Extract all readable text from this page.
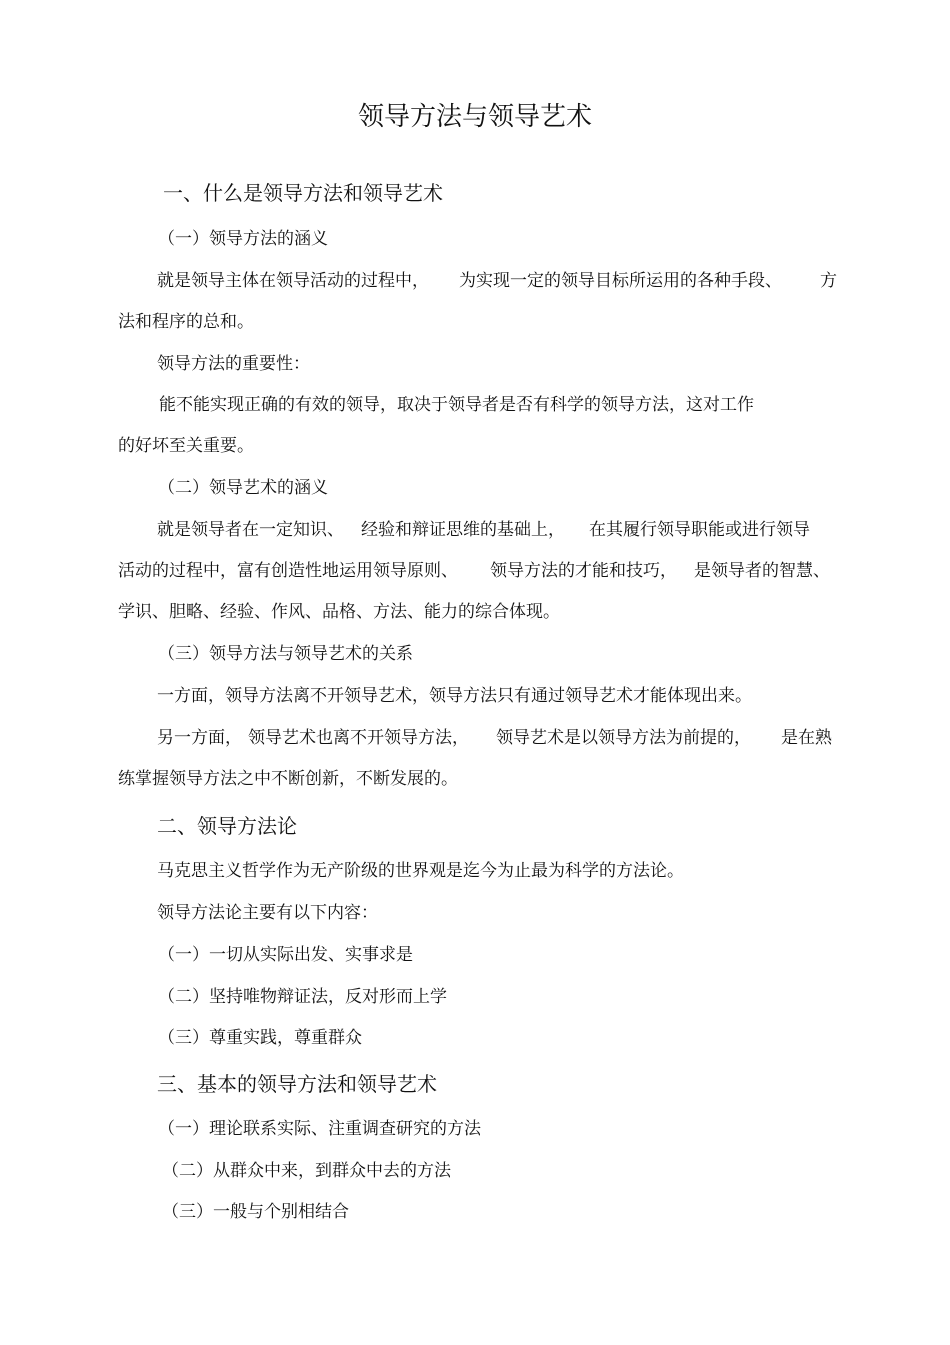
领导方法与领导艺术
一、什么是领导方法和领导艺术
（一）领导方法的涵义
就是领导主体在领导活动的过程中， 为实现一定的领导目标所运用的各种手段、 方
法和程序的总和。
领导方法的重要性：
能不能实现正确的有效的领导，取决于领导者是否有科学的领导方法，这对工作
的好坏至关重要。
（二）领导艺术的涵义
就是领导者在一定知识、 经验和辩证思维的基础上， 在其履行领导职能或进行领导
活动的过程中，富有创造性地运用领导原则、 领导方法的才能和技巧， 是领导者的智慧、
学识、胆略、经验、作风、品格、方法、能力的综合体现。
（三）领导方法与领导艺术的关系
一方面，领导方法离不开领导艺术，领导方法只有通过领导艺术才能体现出来。
另一方面， 领导艺术也离不开领导方法， 领导艺术是以领导方法为前提的， 是在熟
练掌握领导方法之中不断创新，不断发展的。
二、领导方法论
马克思主义哲学作为无产阶级的世界观是迄今为止最为科学的方法论。
领导方法论主要有以下内容：
（一）一切从实际出发、实事求是
（二）坚持唯物辩证法，反对形而上学
（三）尊重实践，尊重群众
三、基本的领导方法和领导艺术
（一）理论联系实际、注重调查研究的方法
（二）从群众中来，到群众中去的方法
（三）一般与个别相结合
